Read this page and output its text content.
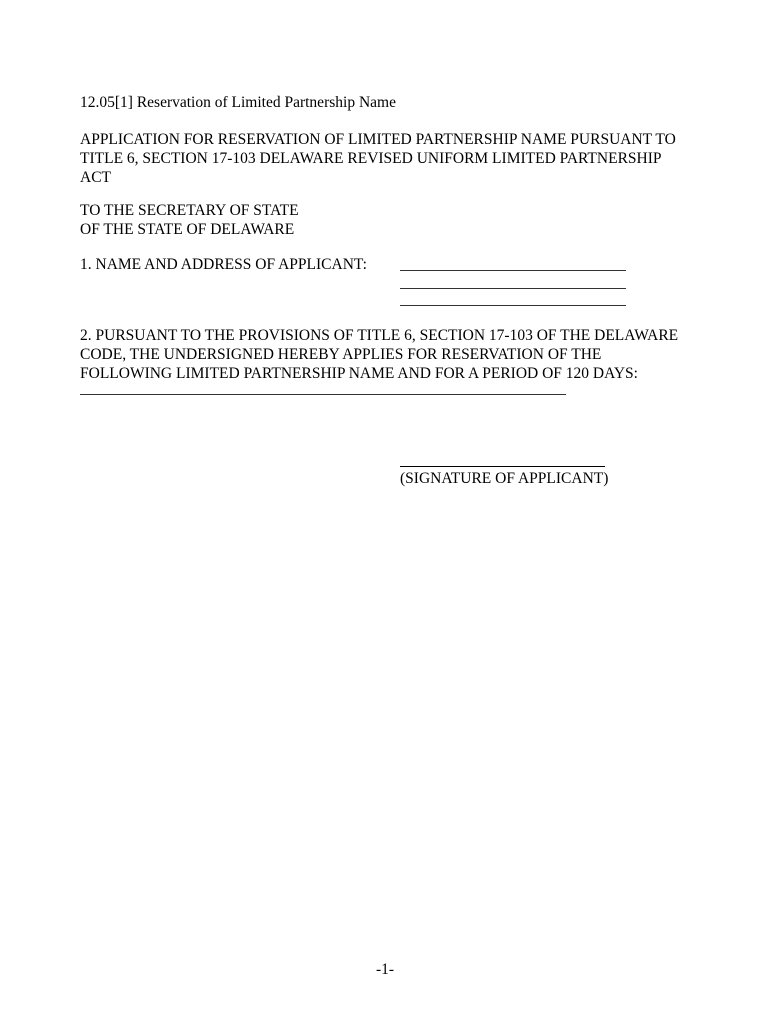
12.05[1] Reservation of Limited Partnership Name
APPLICATION FOR RESERVATION OF LIMITED PARTNERSHIP NAME PURSUANT TO
TITLE 6, SECTION 17-103 DELAWARE REVISED UNIFORM LIMITED PARTNERSHIP
ACT
TO THE SECRETARY OF STATE
OF THE STATE OF DELAWARE
1. NAME AND ADDRESS OF APPLICANT:
2. PURSUANT TO THE PROVISIONS OF TITLE 6, SECTION 17-103 OF THE DELAWARE
CODE, THE UNDERSIGNED HEREBY APPLIES FOR RESERVATION OF THE
FOLLOWING LIMITED PARTNERSHIP NAME AND FOR A PERIOD OF 120 DAYS:
(SIGNATURE OF APPLICANT)
-1-
